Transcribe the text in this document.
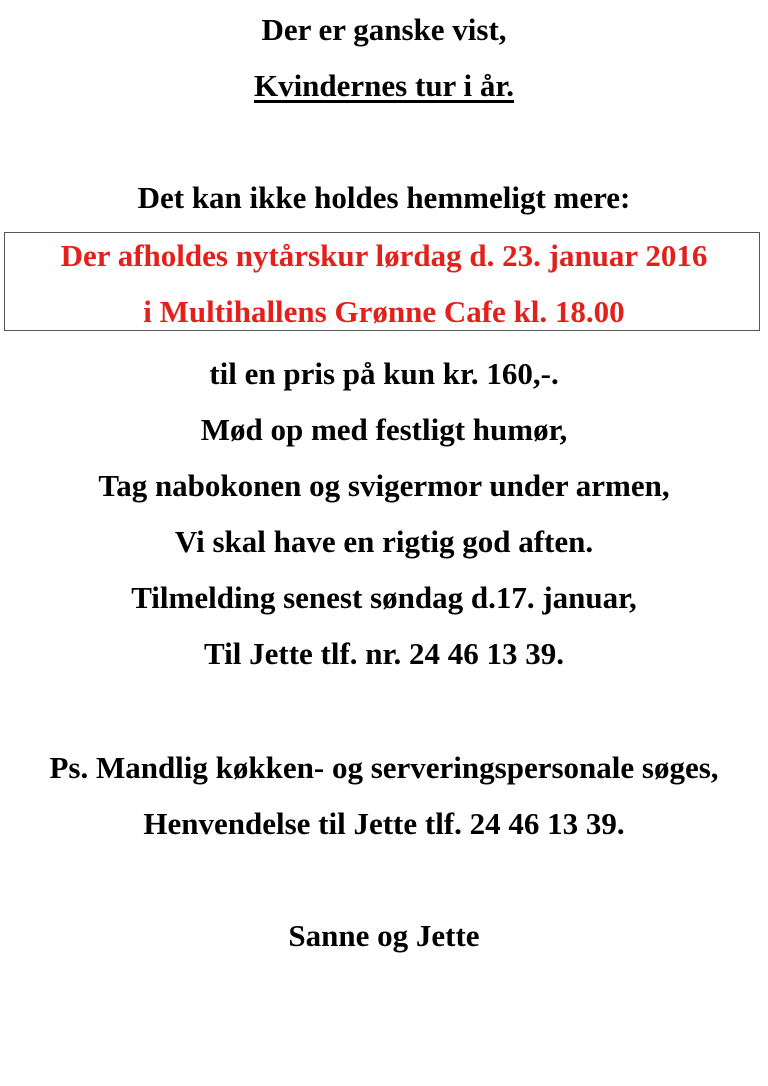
Der er ganske vist,
Kvindernes tur i år.
Det kan ikke holdes hemmeligt mere:
Der afholdes nytårskur lørdag d. 23. januar 2016
i Multihallens Grønne Cafe kl. 18.00
til en pris på kun kr. 160,-.
Mød op med festligt humør,
Tag nabokonen og svigermor under armen,
Vi skal have en rigtig god aften.
Tilmelding senest søndag d.17. januar,
Til Jette tlf. nr. 24 46 13 39.
Ps. Mandlig køkken- og serveringspersonale søges,
Henvendelse til Jette tlf. 24 46 13 39.
Sanne og Jette
